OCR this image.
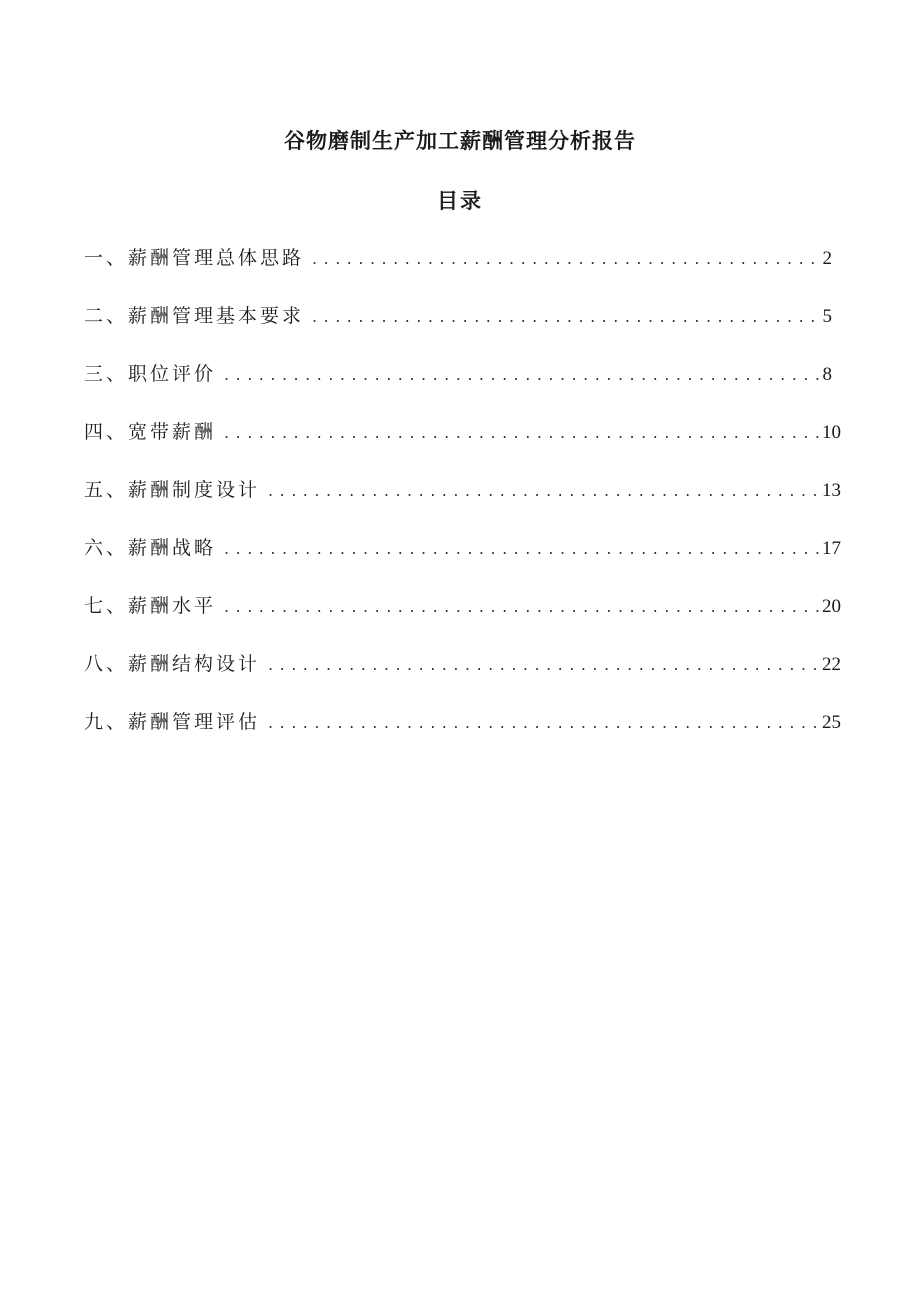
谷物磨制生产加工薪酬管理分析报告
目录
一、薪酬管理总体思路 .....	2
二、薪酬管理基本要求 .....	5
三、职位评价 .....	8
四、宽带薪酬 .....	10
五、薪酬制度设计 .....	13
六、薪酬战略 .....	17
七、薪酬水平 .....	20
八、薪酬结构设计 .....	22
九、薪酬管理评估 .....	25
